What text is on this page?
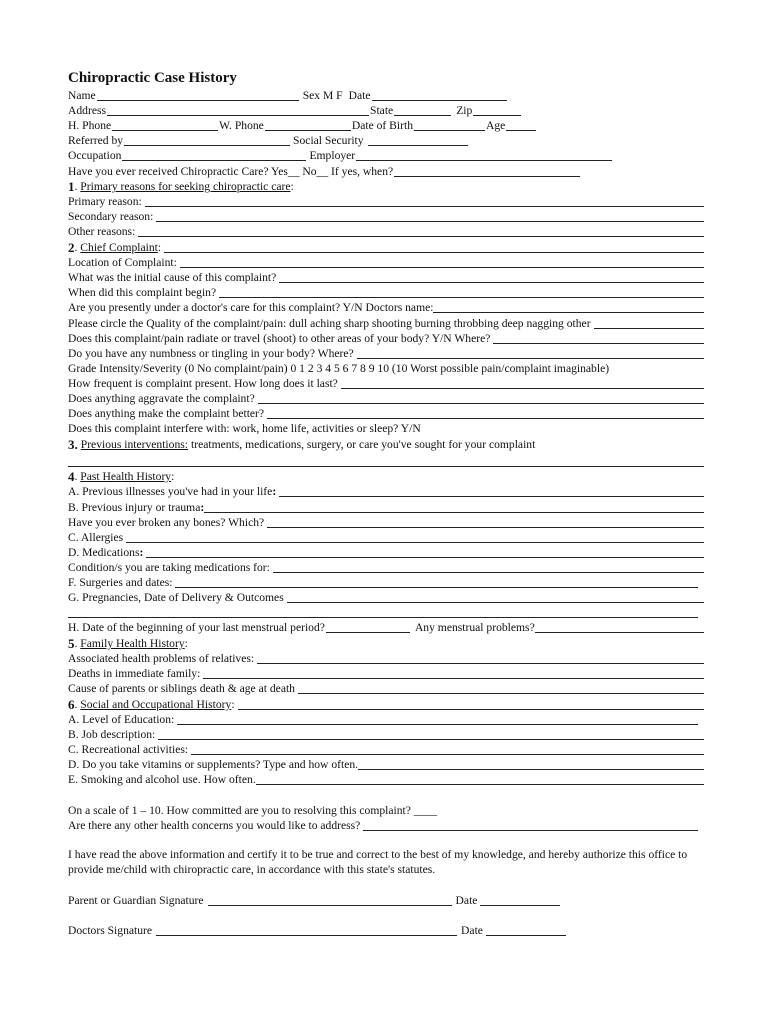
Chiropractic Case History
Name	Sex M F Date
Address	State	Zip
H. Phone	W. Phone	Date of Birth	Age
Referred by	Social Security
Occupation	Employer
Have you ever received Chiropractic Care? Yes__ No__ If yes, when?
1 . Primary reasons for seeking chiropractic care :
Primary reason:
Secondary reason:
Other reasons:
2 . Chief Complaint :
Location of Complaint:
What was the initial cause of this complaint?
When did this complaint begin?
Are you presently under a doctor's care for this complaint? Y/N Doctors name:
Please circle the Quality of the complaint/pain: dull aching sharp shooting burning throbbing deep nagging other
Does this complaint/pain radiate or travel (shoot) to other areas of your body? Y/N Where?
Do you have any numbness or tingling in your body? Where?
Grade Intensity/Severity (0 No complaint/pain) 0 1 2 3 4 5 6 7 8 9 10 (10 Worst possible pain/complaint imaginable)
How frequent is complaint present. How long does it last?
Does anything aggravate the complaint?
Does anything make the complaint better?
Does this complaint interfere with: work, home life, activities or sleep? Y/N
3. Previous interventions: treatments, medications, surgery, or care you've sought for your complaint
4 . Past Health History :
A. Previous illnesses you've had in your life :
B. Previous injury or trauma :
Have you ever broken any bones? Which?
C. Allergies
D. Medications :
Condition/s you are taking medications for:
F. Surgeries and dates:
G. Pregnancies, Date of Delivery & Outcomes
H. Date of the beginning of your last menstrual period?	Any menstrual problems?
5 . Family Health History :
Associated health problems of relatives:
Deaths in immediate family:
Cause of parents or siblings death & age at death
6 . Social and Occupational History :
A. Level of Education:
B. Job description:
C. Recreational activities:
D. Do you take vitamins or supplements? Type and how often.
E. Smoking and alcohol use. How often.
On a scale of 1 – 10. How committed are you to resolving this complaint? ____
Are there any other health concerns you would like to address?
I have read the above information and certify it to be true and correct to the best of my knowledge, and hereby authorize this office to provide me/child with chiropractic care, in accordance with this state's statutes.
Parent or Guardian Signature	Date
Doctors Signature	Date
